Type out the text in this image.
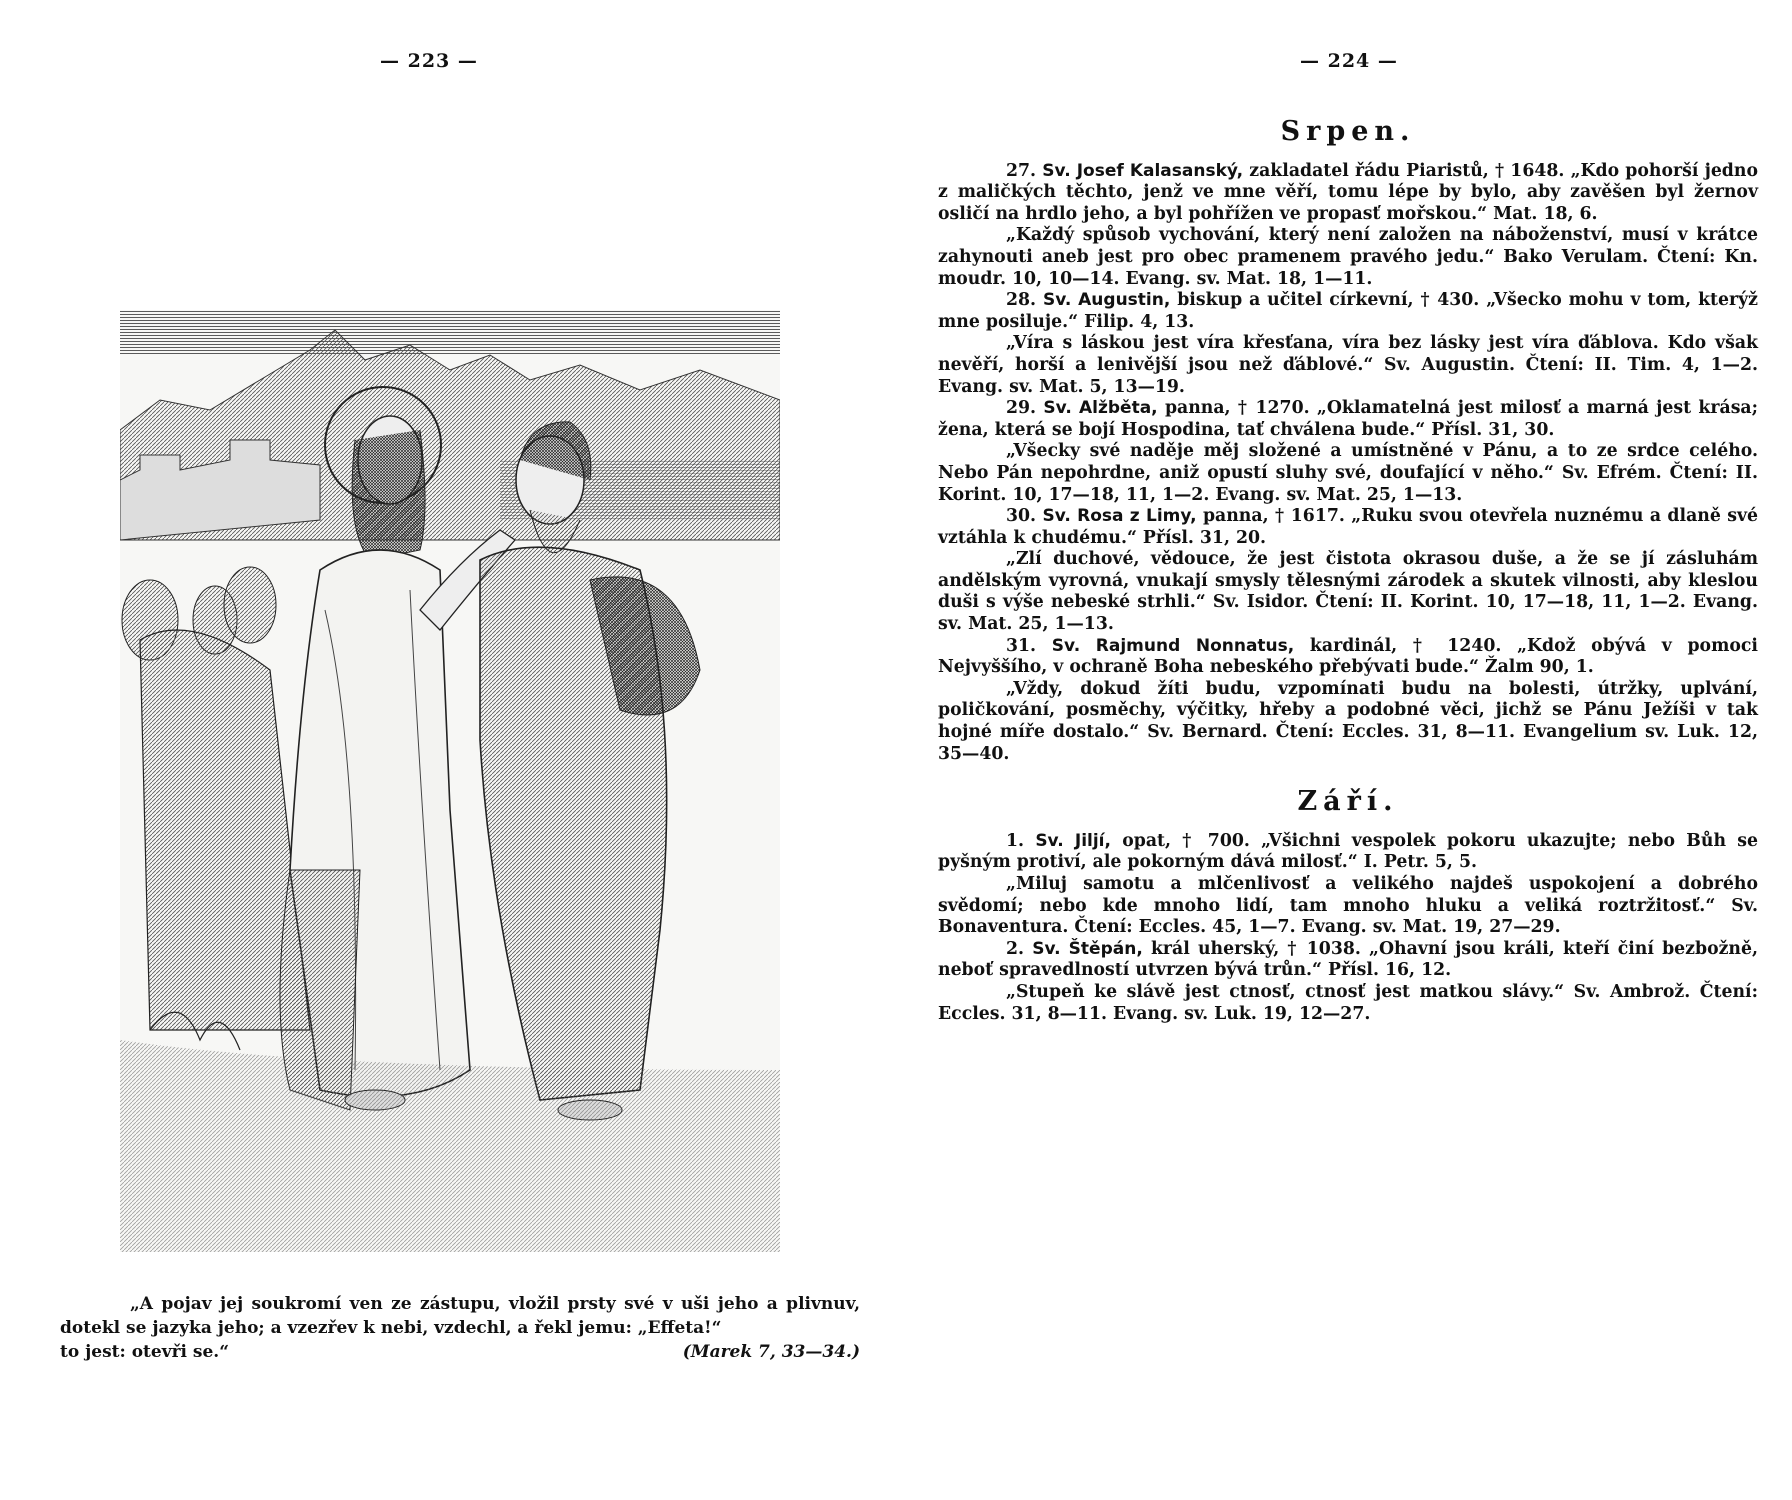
— 223 —	— 224 —

„A pojav jej soukromí ven ze zástupu, vložil prsty své v uši jeho a plivnuv, dotekl se jazyka jeho; a vzezřev k nebi, vzdechl, a řekl jemu: „Effeta!“

to jest: otevři se.“	(Marek 7, 33—34.)
Srpen.

27. Sv. Josef Kalasanský, zakladatel řádu Piaristů, † 1648. „Kdo pohorší jedno z maličkých těchto, jenž ve mne věří, tomu lépe by bylo, aby zavěšen byl žernov osličí na hrdlo jeho, a byl pohřížen ve propasť mořskou.“ Mat. 18, 6.

„Každý spůsob vychování, který není založen na náboženství, musí v krátce zahynouti aneb jest pro obec pramenem pravého jedu.“ Bako Verulam. Čtení: Kn. moudr. 10, 10—14. Evang. sv. Mat. 18, 1—11.

28. Sv. Augustin, biskup a učitel církevní, † 430. „Všecko mohu v tom, kterýž mne posiluje.“ Filip. 4, 13.

„Víra s láskou jest víra křesťana, víra bez lásky jest víra ďáblova. Kdo však nevěří, horší a lenivější jsou než ďáblové.“ Sv. Augustin. Čtení: II. Tim. 4, 1—2. Evang. sv. Mat. 5, 13—19.

29. Sv. Alžběta, panna, † 1270. „Oklamatelná jest milosť a marná jest krása; žena, která se bojí Hospodina, tať chválena bude.“ Přísl. 31, 30.

„Všecky své naděje měj složené a umístněné v Pánu, a to ze srdce celého. Nebo Pán nepohrdne, aniž opustí sluhy své, doufající v něho.“ Sv. Efrém. Čtení: II. Korint. 10, 17—18, 11, 1—2. Evang. sv. Mat. 25, 1—13.

30. Sv. Rosa z Limy, panna, † 1617. „Ruku svou otevřela nuznému a dlaně své vztáhla k chudému.“ Přísl. 31, 20.

„Zlí duchové, vědouce, že jest čistota okrasou duše, a že se jí zásluhám andělským vyrovná, vnukají smysly tělesnými zárodek a skutek vilnosti, aby kleslou duši s výše nebeské strhli.“ Sv. Isidor. Čtení: II. Korint. 10, 17—18, 11, 1—2. Evang. sv. Mat. 25, 1—13.

31. Sv. Rajmund Nonnatus, kardinál, † 1240. „Kdož obývá v pomoci Nejvyššího, v ochraně Boha nebeského přebývati bude.“ Žalm 90, 1.

„Vždy, dokud žíti budu, vzpomínati budu na bolesti, útržky, uplvání, poličkování, posměchy, výčitky, hřeby a podobné věci, jichž se Pánu Ježíši v tak hojné míře dostalo.“ Sv. Bernard. Čtení: Eccles. 31, 8—11. Evangelium sv. Luk. 12, 35—40.

Září.

1. Sv. Jiljí, opat, † 700. „Všichni vespolek pokoru ukazujte; nebo Bůh se pyšným protiví, ale pokorným dává milosť.“ I. Petr. 5, 5.

„Miluj samotu a mlčenlivosť a velikého najdeš uspokojení a dobrého svědomí; nebo kde mnoho lidí, tam mnoho hluku a veliká roztržitosť.“ Sv. Bonaventura. Čtení: Eccles. 45, 1—7. Evang. sv. Mat. 19, 27—29.

2. Sv. Štěpán, král uherský, † 1038. „Ohavní jsou králi, kteří činí bezbožně, neboť spravedlností utvrzen bývá trůn.“ Přísl. 16, 12.

„Stupeň ke slávě jest ctnosť, ctnosť jest matkou slávy.“ Sv. Ambrož. Čtení: Eccles. 31, 8—11. Evang. sv. Luk. 19, 12—27.
